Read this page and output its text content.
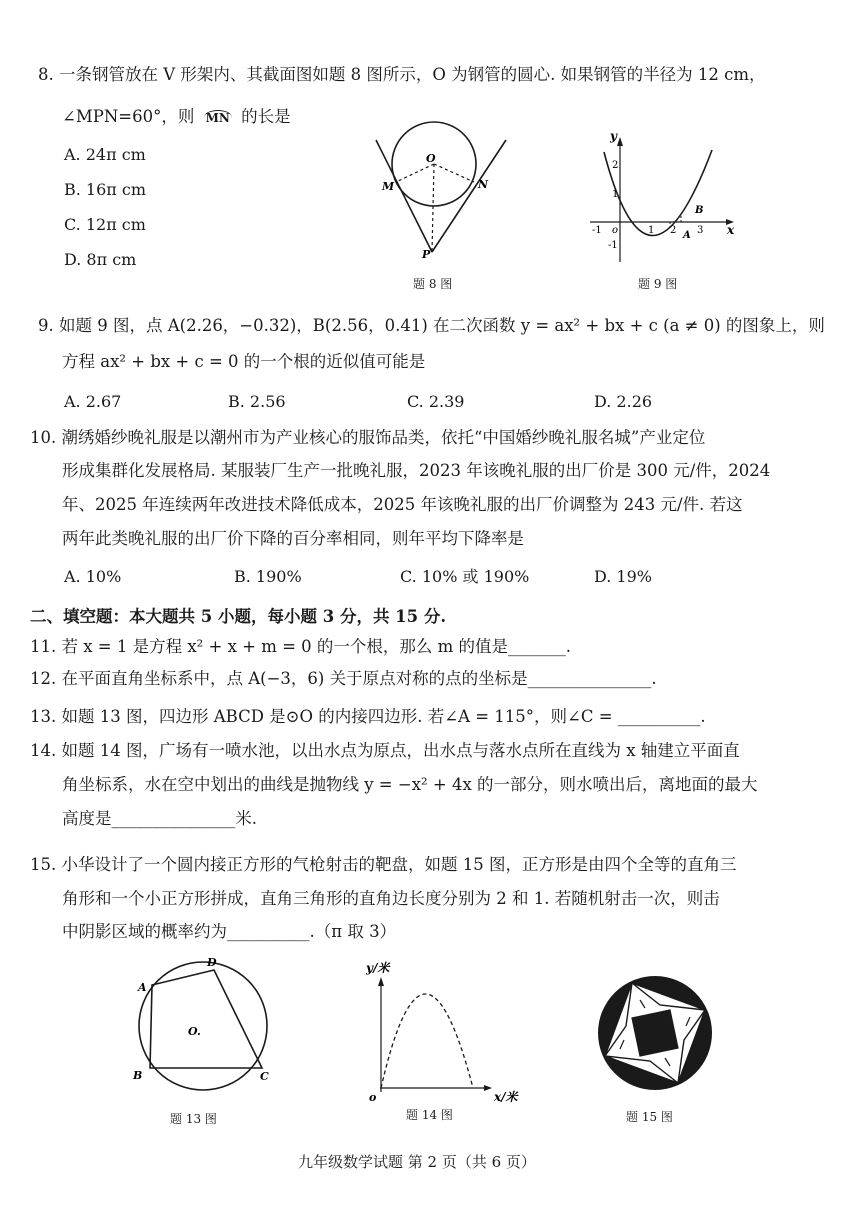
8. 一条钢管放在 V 形架内、其截面图如题 8 图所示，O 为钢管的圆心. 如果钢管的半径为 12 cm，
∠MPN=60°，则 MN 的长是
A. 24π cm
B. 16π cm
C. 12π cm
D. 8π cm
O
M	N
P
题 8 图
y
x
o
2
1
-1
-1	1 2 3
A
B
题 9 图
9. 如题 9 图，点 A(2.26，−0.32)，B(2.56，0.41) 在二次函数 y = ax² + bx + c (a ≠ 0) 的图象上，则
方程 ax² + bx + c = 0 的一个根的近似值可能是
A. 2.67	B. 2.56	C. 2.39	D. 2.26
10. 潮绣婚纱晚礼服是以潮州市为产业核心的服饰品类，依托“中国婚纱晚礼服名城”产业定位
形成集群化发展格局. 某服装厂生产一批晚礼服，2023 年该晚礼服的出厂价是 300 元/件，2024
年、2025 年连续两年改进技术降低成本，2025 年该晚礼服的出厂价调整为 243 元/件. 若这
两年此类晚礼服的出厂价下降的百分率相同，则年平均下降率是
A. 10%	B. 190%	C. 10% 或 190%	D. 19%
二、填空题：本大题共 5 小题，每小题 3 分，共 15 分.
11. 若 x = 1 是方程 x² + x + m = 0 的一个根，那么 m 的值是_______.
12. 在平面直角坐标系中，点 A(−3，6) 关于原点对称的点的坐标是_______________.
13. 如题 13 图，四边形 ABCD 是⊙O 的内接四边形. 若∠A = 115°，则∠C = __________.
14. 如题 14 图，广场有一喷水池，以出水点为原点，出水点与落水点所在直线为 x 轴建立平面直
角坐标系，水在空中划出的曲线是抛物线 y = −x² + 4x 的一部分，则水喷出后，离地面的最大
高度是_______________米.
15. 小华设计了一个圆内接正方形的气枪射击的靶盘，如题 15 图，正方形是由四个全等的直角三
角形和一个小正方形拼成，直角三角形的直角边长度分别为 2 和 1. 若随机射击一次，则击
中阴影区域的概率约为__________.（π 取 3）
A
D
B	C
O.
题 13 图
y/米
x/米
o
题 14 图	题 15 图
九年级数学试题 第 2 页（共 6 页）
